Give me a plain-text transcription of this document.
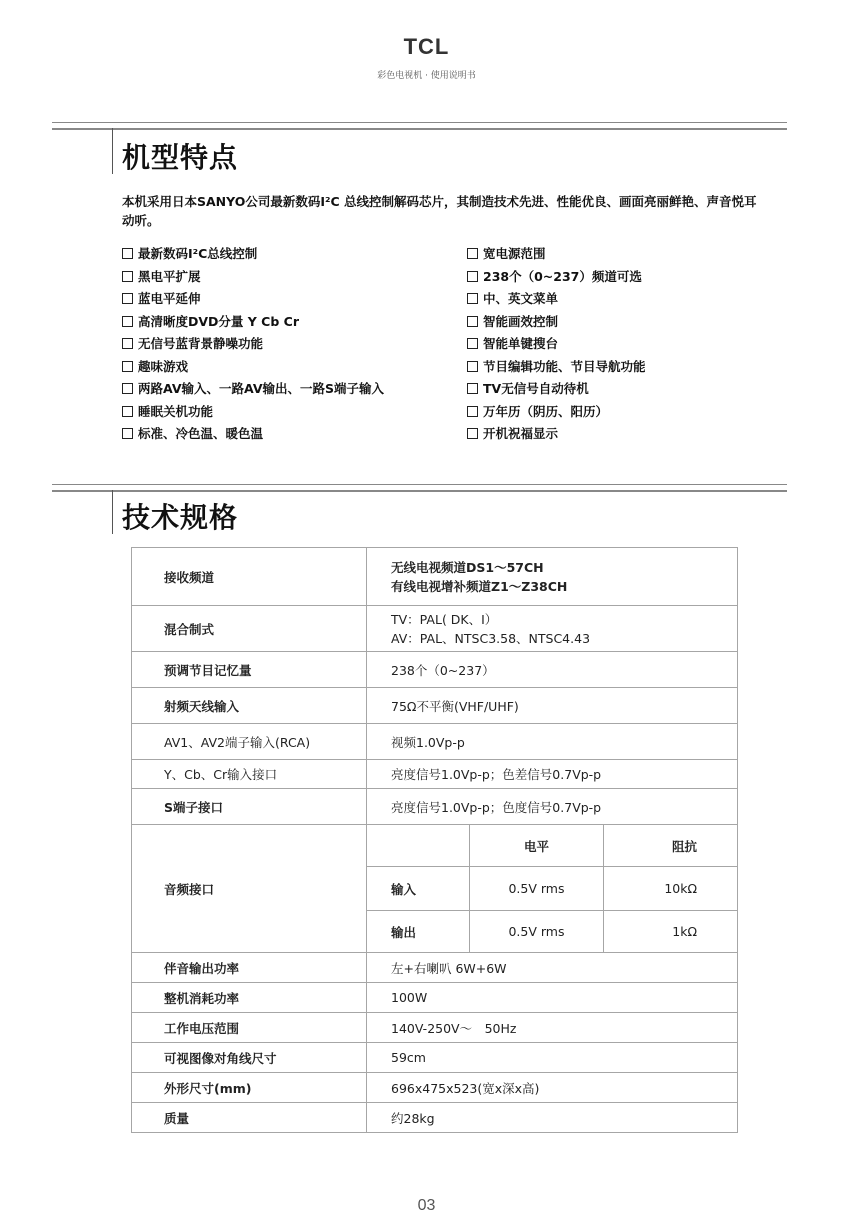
TCL
彩色电视机 · 使用说明书
机型特点
本机采用日本SANYO公司最新数码I²C 总线控制解码芯片，其制造技术先进、性能优良、画面亮丽鲜艳、声音悦耳动听。
最新数码I²C总线控制
黑电平扩展
蓝电平延伸
高清晰度DVD分量 Y Cb Cr
无信号蓝背景静噪功能
趣味游戏
两路AV输入、一路AV输出、一路S端子输入
睡眠关机功能
标准、冷色温、暖色温
宽电源范围
238个（0~237）频道可选
中、英文菜单
智能画效控制
智能单键搜台
节目编辑功能、节目导航功能
TV无信号自动待机
万年历（阴历、阳历）
开机祝福显示
技术规格
接收频道	无线电视频道DS1～57CH
有线电视增补频道Z1～Z38CH		

混合制式	TV：PAL( DK、I）
AV：PAL、NTSC3.58、NTSC4.43		

预调节目记忆量	238个（0~237）		
射频天线输入	75Ω不平衡(VHF/UHF)		
AV1、AV2端子输入(RCA)	视频1.0Vp-p		
Y、Cb、Cr输入接口	亮度信号1.0Vp-p；色差信号0.7Vp-p		
S端子接口	亮度信号1.0Vp-p；色度信号0.7Vp-p		
音频接口		电平	阻抗
	输入	0.5V rms	10kΩ
	输出	0.5V rms	1kΩ
伴音输出功率	左+右喇叭 6W+6W		
整机消耗功率	100W		
工作电压范围	140V-250V～　50Hz		
可视图像对角线尺寸	59cm		
外形尺寸(mm)	696x475x523(宽x深x高)		
质量	约28kg		
03
